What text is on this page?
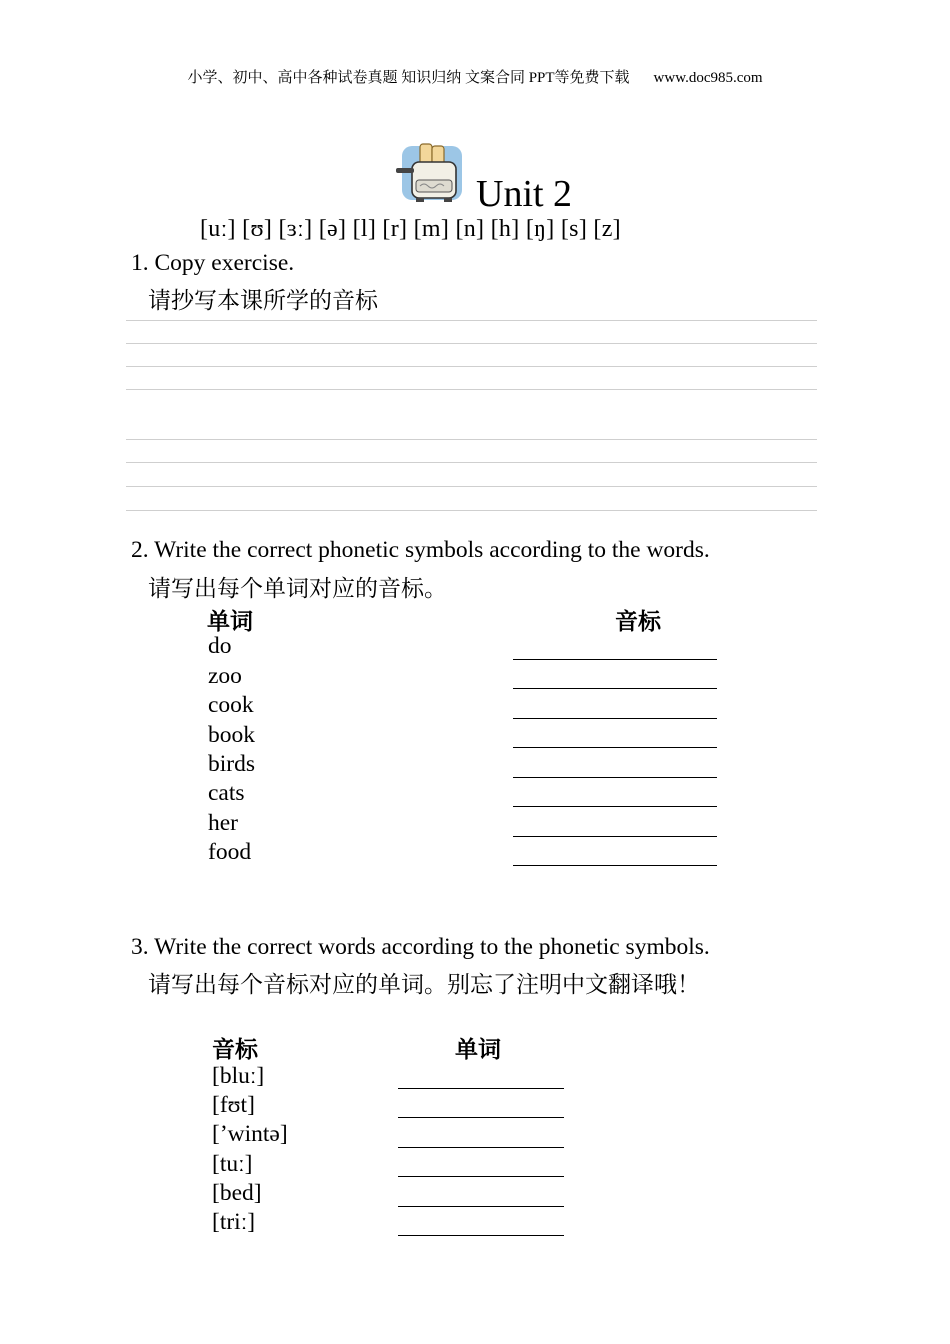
小学、初中、高中各种试卷真题 知识归纳 文案合同 PPT等免费下载 www.doc985.com
Unit 2
[uː] [ʊ] [ɜː] [ə] [l] [r] [m] [n] [h] [ŋ] [s] [z]
1. Copy exercise.
请抄写本课所学的音标
2. Write the correct phonetic symbols according to the words.
请写出每个单词对应的音标。
单词	音标
do
zoo
cook
book
birds
cats
her
food
3. Write the correct words according to the phonetic symbols.
请写出每个音标对应的单词。别忘了注明中文翻译哦！
音标	单词
[bluː]
[fʊt]
[ʼwintə]
[tuː]
[bed]
[triː]
